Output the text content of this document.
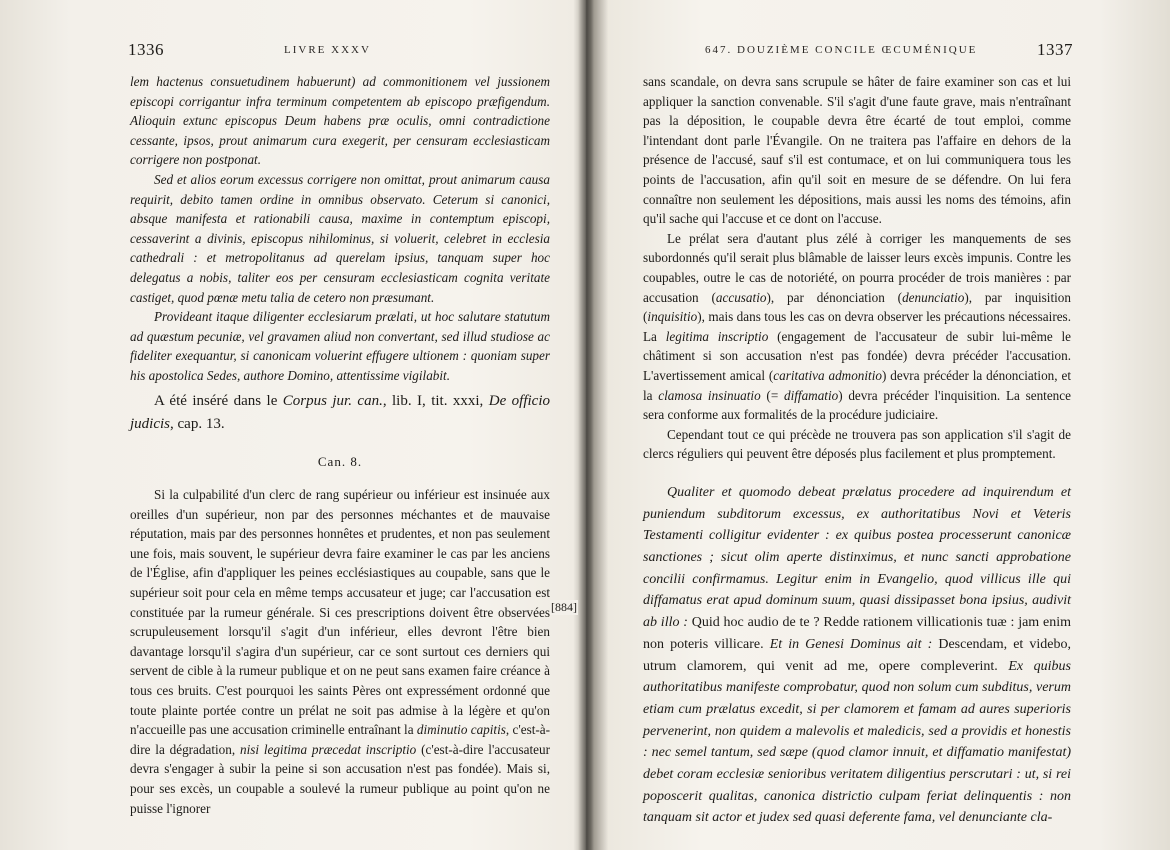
1336	LIVRE XXXV

lem hactenus consuetudinem habuerunt) ad commonitionem vel jussionem episcopi corrigantur infra terminum competentem ab episcopo præfigendum. Alioquin extunc episcopus Deum habens præ oculis, omni contradictione cessante, ipsos, prout animarum cura exegerit, per censuram ecclesiasticam corrigere non postponat.

Sed et alios eorum excessus corrigere non omittat, prout animarum causa requirit, debito tamen ordine in omnibus observato. Ceterum si canonici, absque manifesta et rationabili causa, maxime in contemptum episcopi, cessaverint a divinis, episcopus nihilominus, si voluerit, celebret in ecclesia cathedrali : et metropolitanus ad querelam ipsius, tanquam super hoc delegatus a nobis, taliter eos per censuram ecclesiasticam cognita veritate castiget, quod pœnæ metu talia de cetero non præsumant.

Provideant itaque diligenter ecclesiarum prælati, ut hoc salutare statutum ad quæstum pecuniæ, vel gravamen aliud non convertant, sed illud studiose ac fideliter exequantur, si canonicam voluerint effugere ultionem : quoniam super his apostolica Sedes, authore Domino, attentissime vigilabit.

A été inséré dans le Corpus jur. can., lib. I, tit. xxxi, De officio judicis, cap. 13.

Can. 8.

Si la culpabilité d'un clerc de rang supérieur ou inférieur est insinuée aux oreilles d'un supérieur, non par des personnes méchantes et de mauvaise réputation, mais par des personnes honnêtes et prudentes, et non pas seulement une fois, mais souvent, le supérieur devra faire examiner le cas par les anciens de l'Église, afin d'appliquer les peines ecclésiastiques au coupable, sans que le supérieur soit pour cela en même temps accusateur et juge; car l'accusation est constituée par la rumeur générale. Si ces prescriptions doivent être observées scrupuleusement lorsqu'il s'agit d'un inférieur, elles devront l'être bien davantage lorsqu'il s'agira d'un supérieur, car ce sont surtout ces derniers qui servent de cible à la rumeur publique et on ne peut sans examen faire créance à tous ces bruits. C'est pourquoi les saints Pères ont expressément ordonné que toute plainte portée contre un prélat ne soit pas admise à la légère et qu'on n'accueille pas une accusation criminelle entraînant la diminutio capitis, c'est-à-dire la dégradation, nisi legitima præcedat inscriptio (c'est-à-dire l'accusateur devra s'engager à subir la peine si son accusation n'est pas fondée). Mais si, pour ses excès, un coupable a soulevé la rumeur publique au point qu'on ne puisse l'ignorer

[884]
647. DOUZIÈME CONCILE ŒCUMÉNIQUE	1337

sans scandale, on devra sans scrupule se hâter de faire examiner son cas et lui appliquer la sanction convenable. S'il s'agit d'une faute grave, mais n'entraînant pas la déposition, le coupable devra être écarté de tout emploi, comme l'intendant dont parle l'Évangile. On ne traitera pas l'affaire en dehors de la présence de l'accusé, sauf s'il est contumace, et on lui communiquera tous les points de l'accusation, afin qu'il soit en mesure de se défendre. On lui fera connaître non seulement les dépositions, mais aussi les noms des témoins, afin qu'il sache qui l'accuse et ce dont on l'accuse.

Le prélat sera d'autant plus zélé à corriger les manquements de ses subordonnés qu'il serait plus blâmable de laisser leurs excès impunis. Contre les coupables, outre le cas de notoriété, on pourra procéder de trois manières : par accusation (accusatio), par dénonciation (denunciatio), par inquisition (inquisitio), mais dans tous les cas on devra observer les précautions nécessaires. La legitima inscriptio (engagement de l'accusateur de subir lui-même le châtiment si son accusation n'est pas fondée) devra précéder l'accusation. L'avertissement amical (caritativa admonitio) devra précéder la dénonciation, et la clamosa insinuatio (= diffamatio) devra précéder l'inquisition. La sentence sera conforme aux formalités de la procédure judiciaire.

Cependant tout ce qui précède ne trouvera pas son application s'il s'agit de clercs réguliers qui peuvent être déposés plus facilement et plus promptement.

Qualiter et quomodo debeat prælatus procedere ad inquirendum et puniendum subditorum excessus, ex authoritatibus Novi et Veteris Testamenti colligitur evidenter : ex quibus postea processerunt canonicæ sanctiones ; sicut olim aperte distinximus, et nunc sancti approbatione concilii confirmamus. Legitur enim in Evangelio, quod villicus ille qui diffamatus erat apud dominum suum, quasi dissipasset bona ipsius, audivit ab illo : Quid hoc audio de te ? Redde rationem villicationis tuæ : jam enim non poteris villicare. Et in Genesi Dominus ait : Descendam, et videbo, utrum clamorem, qui venit ad me, opere compleverint. Ex quibus authoritatibus manifeste comprobatur, quod non solum cum subditus, verum etiam cum prælatus excedit, si per clamorem et famam ad aures superioris pervenerint, non quidem a malevolis et maledicis, sed a providis et honestis : nec semel tantum, sed sæpe (quod clamor innuit, et diffamatio manifestat) debet coram ecclesiæ senioribus veritatem diligentius perscrutari : ut, si rei poposcerit qualitas, canonica districtio culpam feriat delinquentis : non tanquam sit actor et judex sed quasi deferente fama, vel denunciante cla-
